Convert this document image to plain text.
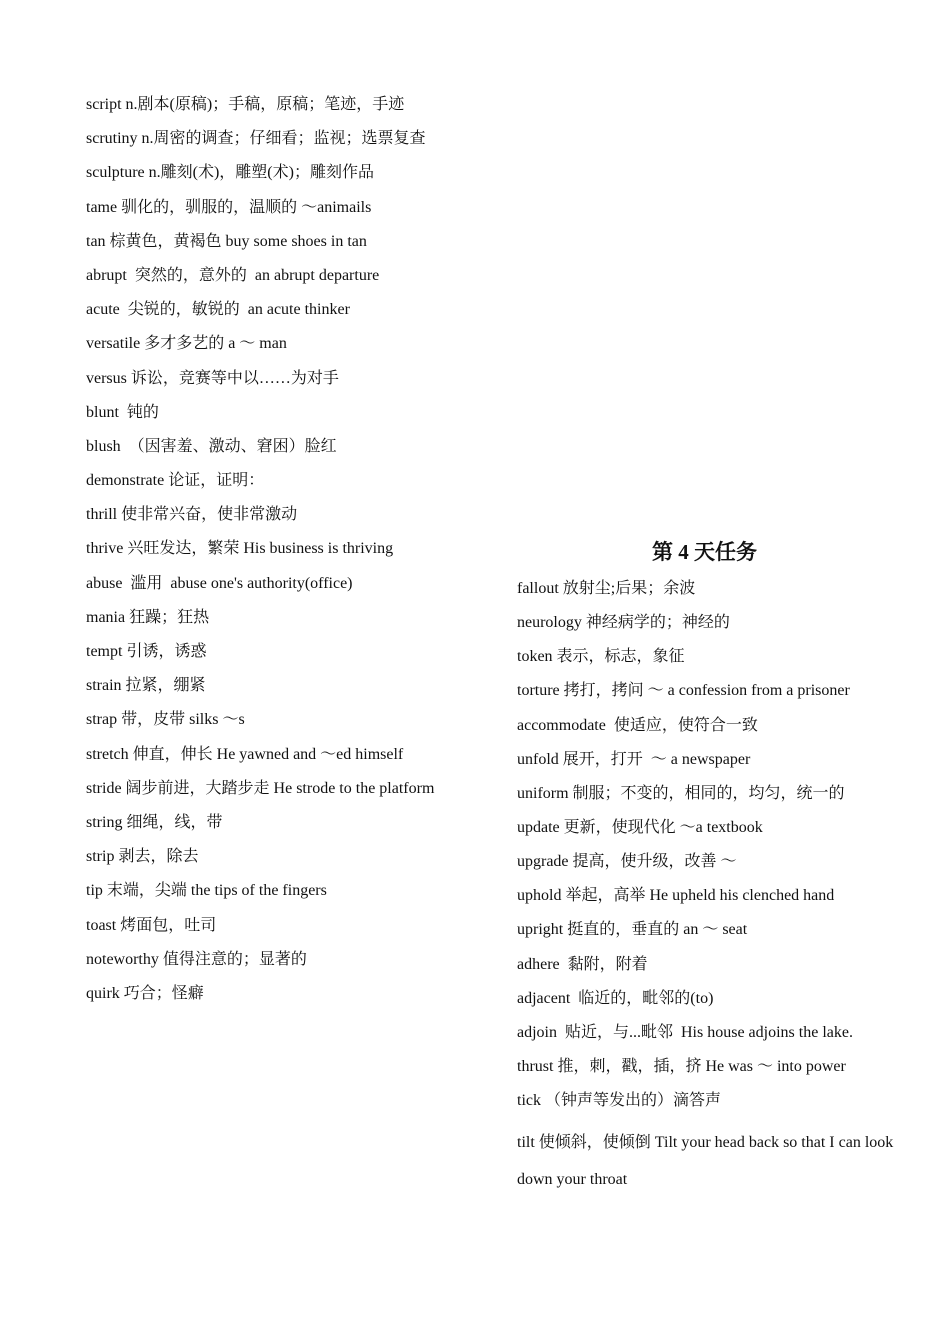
script n.剧本(原稿)；手稿，原稿；笔迹，手迹
scrutiny n.周密的调查；仔细看；监视；选票复查
sculpture n.雕刻(术)，雕塑(术)；雕刻作品
tame 驯化的，驯服的，温顺的 ～animails
tan 棕黄色，黄褐色 buy some shoes in tan
abrupt  突然的，意外的  an abrupt departure
acute  尖锐的，敏锐的  an acute thinker
versatile 多才多艺的 a ～ man
versus 诉讼，竞赛等中以……为对手
blunt  钝的
blush  （因害羞、激动、窘困）脸红
demonstrate 论证，证明：
thrill 使非常兴奋，使非常激动
thrive 兴旺发达，繁荣 His business is thriving
abuse  滥用  abuse one's authority(office)
mania 狂躁；狂热
tempt 引诱，诱惑
strain 拉紧，绷紧
strap 带，皮带 silks ～s
stretch 伸直，伸长 He yawned and ～ed himself
stride 阔步前进，大踏步走 He strode to the platform
string 细绳，线，带
strip 剥去，除去
tip 末端，尖端 the tips of the fingers
toast 烤面包，吐司
noteworthy 值得注意的；显著的
quirk 巧合；怪癖
第 4 天任务
fallout 放射尘;后果；余波
neurology 神经病学的；神经的
token 表示，标志，象征
torture 拷打，拷问 ～ a confession from a prisoner
accommodate  使适应，使符合一致
unfold 展开，打开  ～ a newspaper
uniform 制服；不变的，相同的，均匀，统一的
update 更新，使现代化 ～a textbook
upgrade 提高，使升级，改善 ～
uphold 举起，高举 He upheld his clenched hand
upright 挺直的，垂直的 an ～ seat
adhere  黏附，附着
adjacent  临近的，毗邻的(to)
adjoin  贴近，与...毗邻  His house adjoins the lake.
thrust 推，刺，戳，插，挤 He was ～ into power
tick （钟声等发出的）滴答声
tilt 使倾斜，使倾倒 Tilt your head back so that I can look down your throat
